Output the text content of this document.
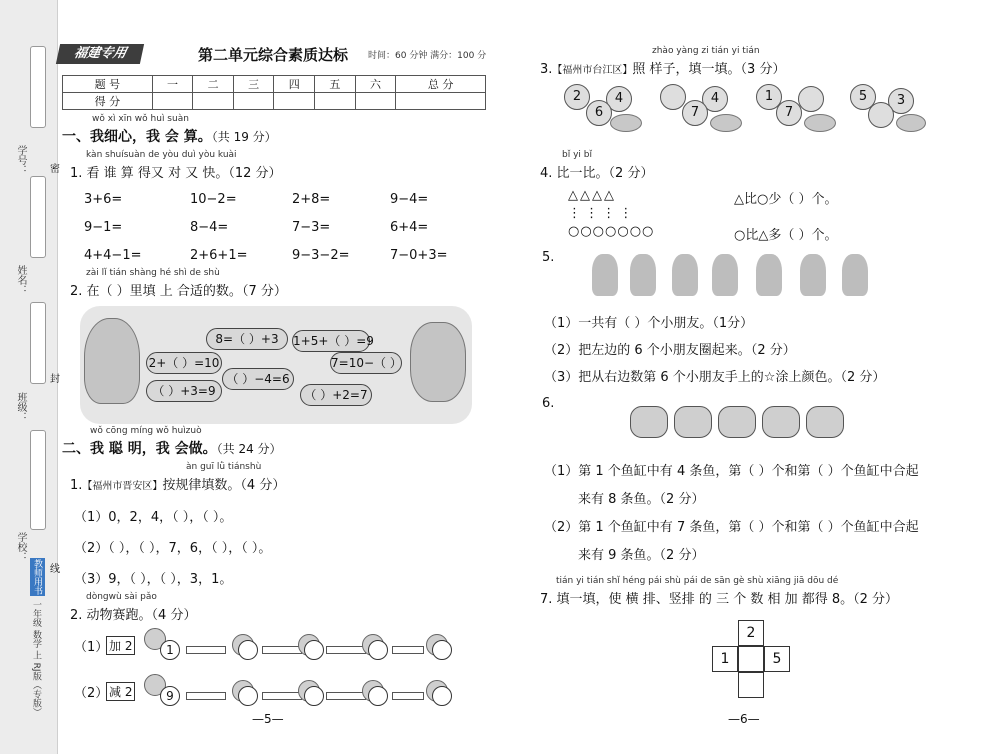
学号：
姓名：
班级：
学校：
密
封
线
一年级 数学 上 RJ版（专版）
教师用书
福建专用	第二单元综合素质达标 时间：60 分钟 满分：100 分
题 号	一	二	三	四	五	六	总 分
得 分							
wǒ xì xīn wǒ huì suàn
一、我细心，我 会 算。（共 19 分）
kàn shuísuàn de yòu duì yòu kuài
1. 看 谁 算 得又 对 又 快。（12 分）
3+6=	10−2=	2+8=	9−4=
9−1=	8−4=	7−3=	6+4=
4+4−1=	2+6+1=	9−3−2=	7−0+3=
zài lǐ tián shàng hé shì de shù
2. 在（ ）里填 上 合适的数。（7 分）
8=（ ）+3	1+5+（ ）=9
2+（ ）=10	7=10−（ ）
（ ）−4=6
（ ）+3=9	（ ）+2=7
wǒ cōng míng wǒ huìzuò
二、我 聪 明，我 会做。（共 24 分）
àn guī lǜ tiánshù
1.【福州市晋安区】按规律填数。（4 分）
（1）0，2，4，（ ），（ ）。
（2）（ ），（ ），7，6，（ ），（ ）。
（3）9，（ ），（ ），3，1。
dòngwù sài pǎo
2. 动物赛跑。（4 分）
（1） 加 2	1
（2） 减 2	9
—5—
zhào yàng zi tián yi tián
3.【福州市台江区】照 样子，填一填。（3 分）
2	4
6
4
7
1
7
5	3
bǐ yi bǐ
4. 比一比。（2 分）
△△△△
⋮ ⋮ ⋮ ⋮
○○○○○○○
△比○少（ ）个。
○比△多（ ）个。
5.
（1）一共有（ ）个小朋友。（1分）
（2）把左边的 6 个小朋友圈起来。（2 分）
（3）把从右边数第 6 个小朋友手上的☆涂上颜色。（2 分）
6.
（1）第 1 个鱼缸中有 4 条鱼，第（ ）个和第（ ）个鱼缸中合起
来有 8 条鱼。（2 分）
（2）第 1 个鱼缸中有 7 条鱼，第（ ）个和第（ ）个鱼缸中合起
来有 9 条鱼。（2 分）
tián yi tián shǐ héng pái shù pái de sān gè shù xiāng jiā dōu dé
7. 填一填，使 横 排、竖排 的 三 个 数 相 加 都得 8。（2 分）
2
1	5
—6—
